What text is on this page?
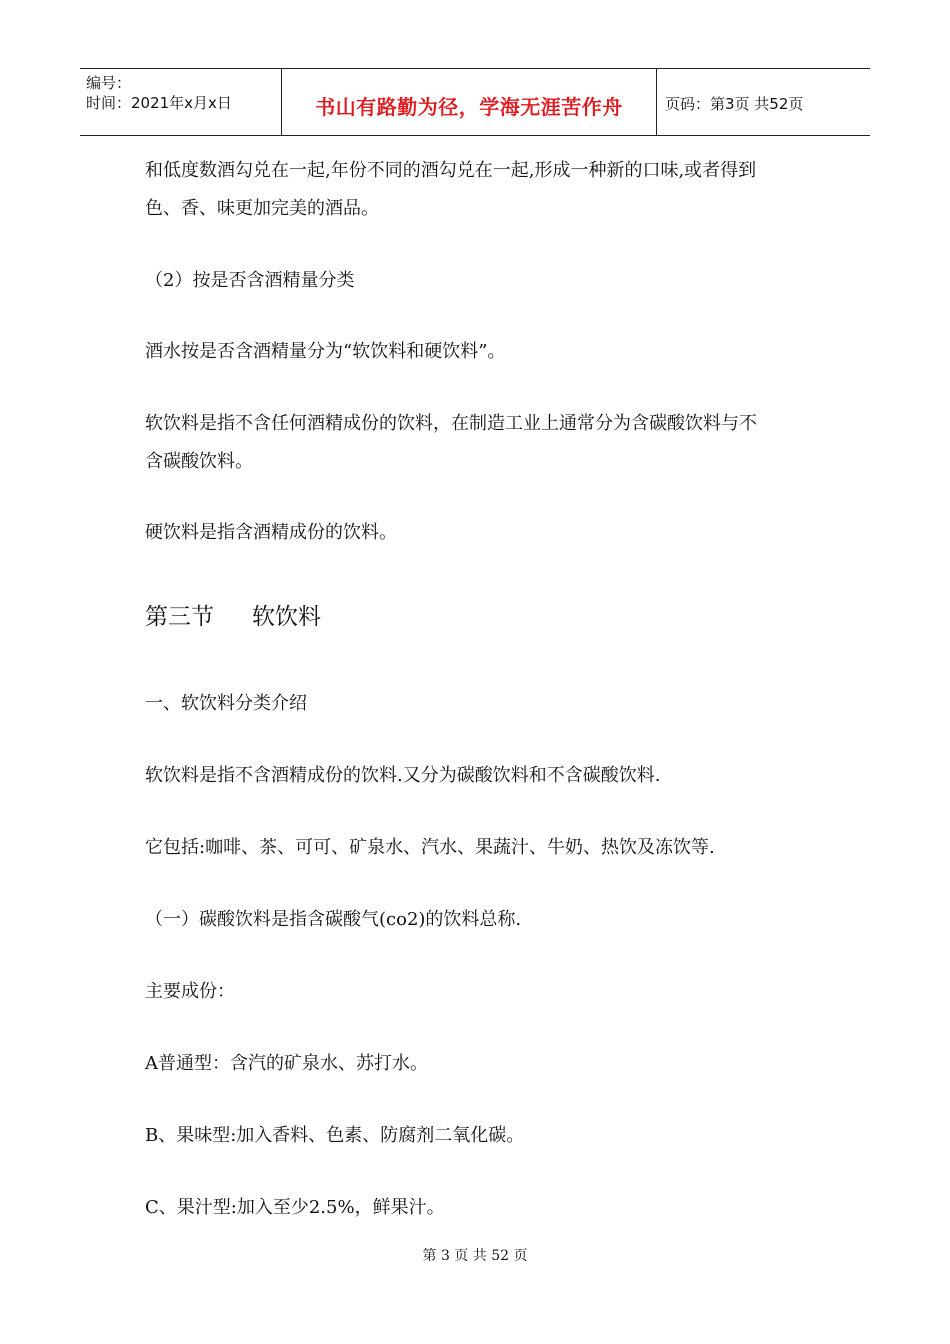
编号：
时间：2021年x月x日	书山有路勤为径，学海无涯苦作舟	页码：第3页 共52页
和低度数酒勾兑在一起,年份不同的酒勾兑在一起,形成一种新的口味,或者得到
色、香、味更加完美的酒品。
（2）按是否含酒精量分类
酒水按是否含酒精量分为“软饮料和硬饮料”。
软饮料是指不含任何酒精成份的饮料，在制造工业上通常分为含碳酸饮料与不
含碳酸饮料。
硬饮料是指含酒精成份的饮料。
第三节 软饮料
一、软饮料分类介绍
软饮料是指不含酒精成份的饮料.又分为碳酸饮料和不含碳酸饮料.
它包括:咖啡、茶、可可、矿泉水、汽水、果蔬汁、牛奶、热饮及冻饮等.
（一）碳酸饮料是指含碳酸气(co2)的饮料总称.
主要成份：
A普通型：含汽的矿泉水、苏打水。
B、果味型:加入香料、色素、防腐剂二氧化碳。
C、果汁型:加入至少2.5%，鲜果汁。
第 3 页 共 52 页
